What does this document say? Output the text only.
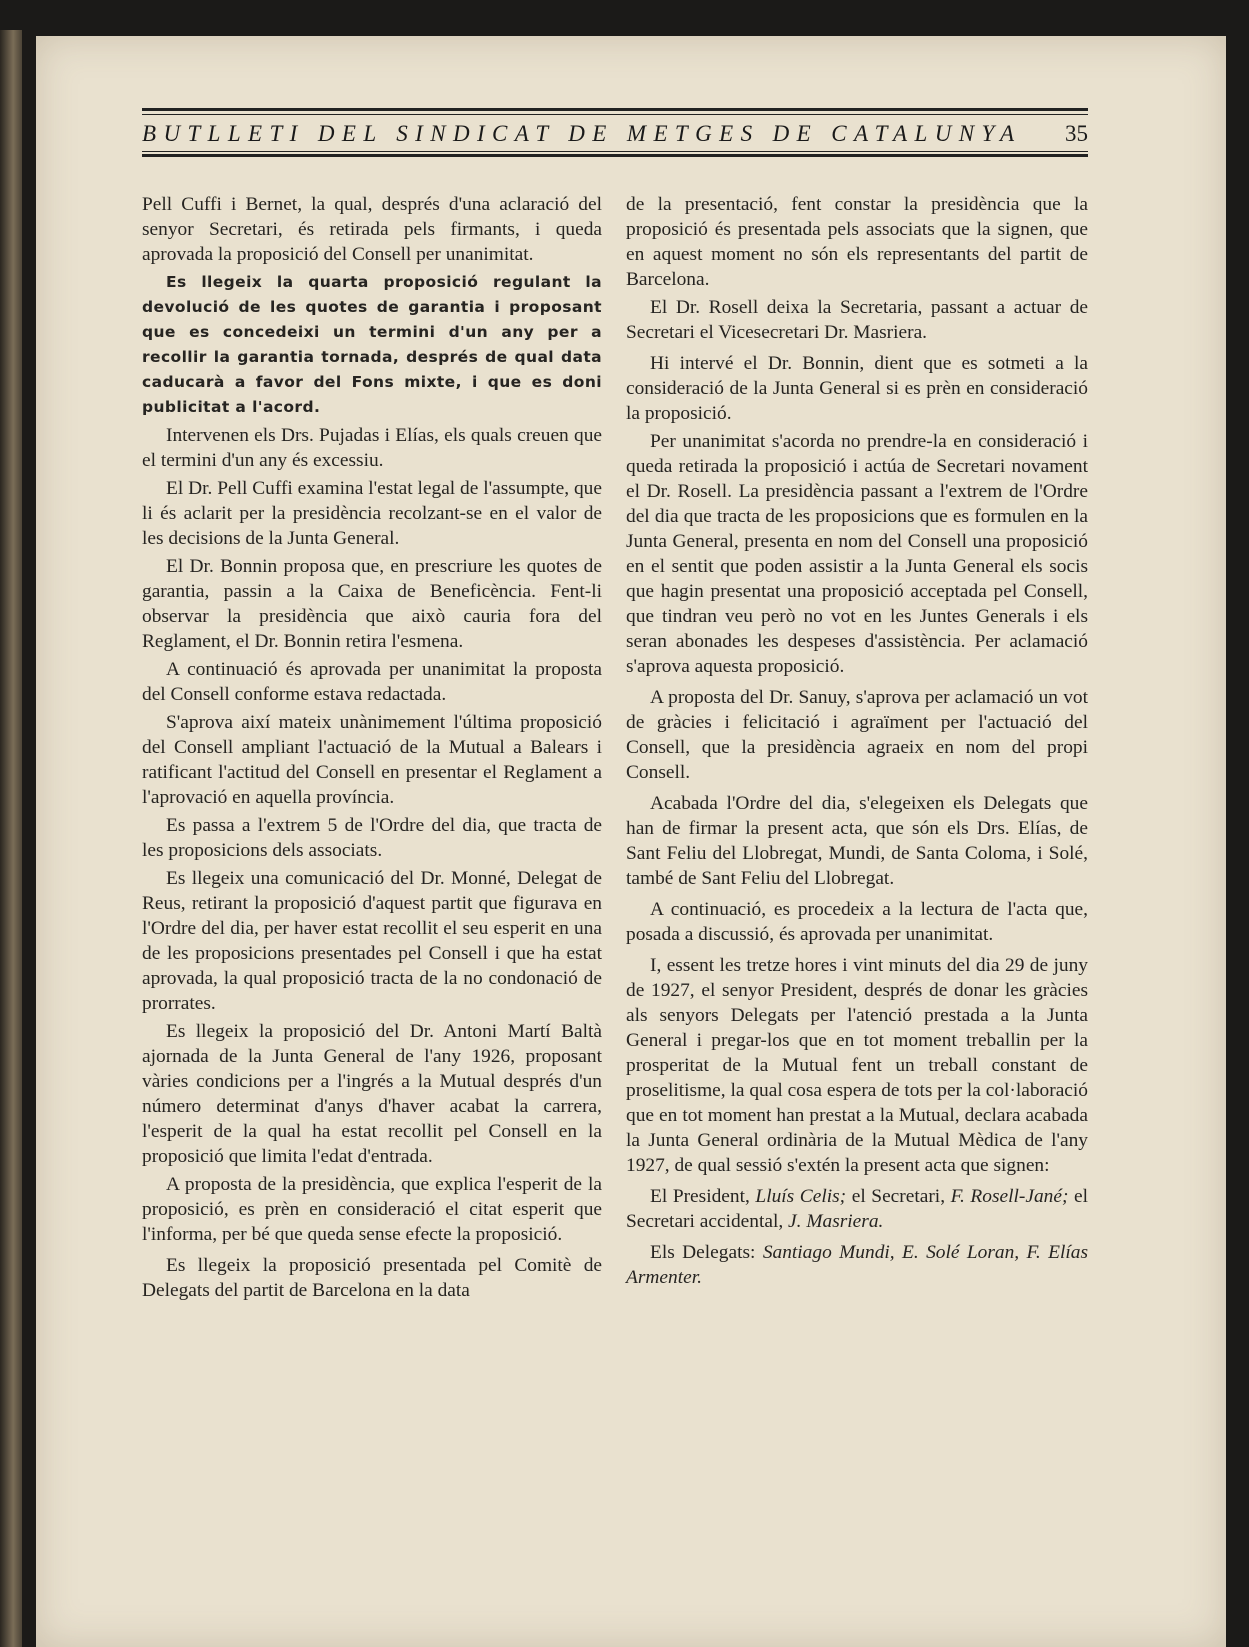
BUTLLETI DEL SINDICAT DE METGES DE CATALUNYA 35

Pell Cuffi i Bernet, la qual, després d'una aclaració del senyor Secretari, és retirada pels firmants, i queda aprovada la proposició del Consell per unanimitat.

Es llegeix la quarta proposició regulant la devolució de les quotes de garantia i proposant que es concedeixi un termini d'un any per a recollir la garantia tornada, després de qual data caducarà a favor del Fons mixte, i que es doni publicitat a l'acord.

Intervenen els Drs. Pujadas i Elías, els quals creuen que el termini d'un any és excessiu.

El Dr. Pell Cuffi examina l'estat legal de l'assumpte, que li és aclarit per la presidència recolzant-se en el valor de les decisions de la Junta General.

El Dr. Bonnin proposa que, en prescriure les quotes de garantia, passin a la Caixa de Beneficència. Fent-li observar la presidència que això cauria fora del Reglament, el Dr. Bonnin retira l'esmena.

A continuació és aprovada per unanimitat la proposta del Consell conforme estava redactada.

S'aprova així mateix unànimement l'última proposició del Consell ampliant l'actuació de la Mutual a Balears i ratificant l'actitud del Consell en presentar el Reglament a l'aprovació en aquella província.

Es passa a l'extrem 5 de l'Ordre del dia, que tracta de les proposicions dels associats.

Es llegeix una comunicació del Dr. Monné, Delegat de Reus, retirant la proposició d'aquest partit que figurava en l'Ordre del dia, per haver estat recollit el seu esperit en una de les proposicions presentades pel Consell i que ha estat aprovada, la qual proposició tracta de la no condonació de prorrates.

Es llegeix la proposició del Dr. Antoni Martí Baltà ajornada de la Junta General de l'any 1926, proposant vàries condicions per a l'ingrés a la Mutual després d'un número determinat d'anys d'haver acabat la carrera, l'esperit de la qual ha estat recollit pel Consell en la proposició que limita l'edat d'entrada.

A proposta de la presidència, que explica l'esperit de la proposició, es prèn en consideració el citat esperit que l'informa, per bé que queda sense efecte la proposició.

Es llegeix la proposició presentada pel Comitè de Delegats del partit de Barcelona en la data

de la presentació, fent constar la presidència que la proposició és presentada pels associats que la signen, que en aquest moment no són els representants del partit de Barcelona.

El Dr. Rosell deixa la Secretaria, passant a actuar de Secretari el Vicesecretari Dr. Masriera.

Hi intervé el Dr. Bonnin, dient que es sotmeti a la consideració de la Junta General si es prèn en consideració la proposició.

Per unanimitat s'acorda no prendre-la en consideració i queda retirada la proposició i actúa de Secretari novament el Dr. Rosell. La presidència passant a l'extrem de l'Ordre del dia que tracta de les proposicions que es formulen en la Junta General, presenta en nom del Consell una proposició en el sentit que poden assistir a la Junta General els socis que hagin presentat una proposició acceptada pel Consell, que tindran veu però no vot en les Juntes Generals i els seran abonades les despeses d'assistència. Per aclamació s'aprova aquesta proposició.

A proposta del Dr. Sanuy, s'aprova per aclamació un vot de gràcies i felicitació i agraïment per l'actuació del Consell, que la presidència agraeix en nom del propi Consell.

Acabada l'Ordre del dia, s'elegeixen els Delegats que han de firmar la present acta, que són els Drs. Elías, de Sant Feliu del Llobregat, Mundi, de Santa Coloma, i Solé, també de Sant Feliu del Llobregat.

A continuació, es procedeix a la lectura de l'acta que, posada a discussió, és aprovada per unanimitat.

I, essent les tretze hores i vint minuts del dia 29 de juny de 1927, el senyor President, després de donar les gràcies als senyors Delegats per l'atenció prestada a la Junta General i pregar-los que en tot moment treballin per la prosperitat de la Mutual fent un treball constant de proselitisme, la qual cosa espera de tots per la col·laboració que en tot moment han prestat a la Mutual, declara acabada la Junta General ordinària de la Mutual Mèdica de l'any 1927, de qual sessió s'extén la present acta que signen:

El President, Lluís Celis; el Secretari, F. Rosell-Jané; el Secretari accidental, J. Masriera.

Els Delegats: Santiago Mundi, E. Solé Loran, F. Elías Armenter.
